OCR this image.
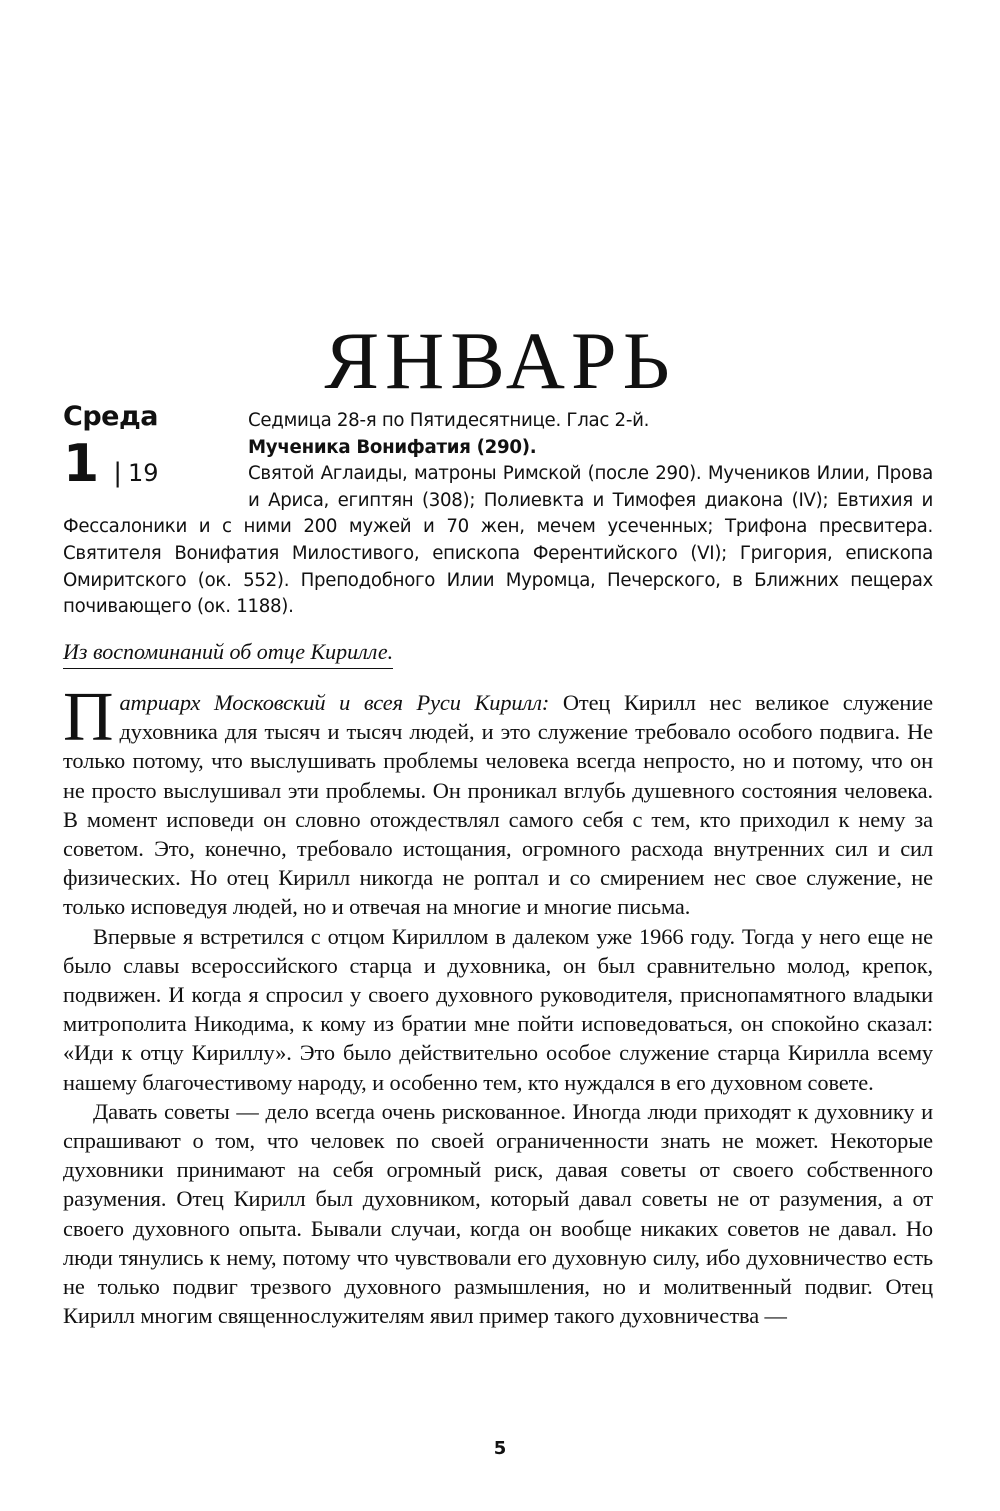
ЯНВАРЬ
Среда
1 | 19

Седмица 28-я по Пятидесятнице. Глас 2-й.

Мученика Вонифатия (290).

Святой Аглаиды, матроны Римской (после 290). Мучеников Илии, Прова и Ариса, египтян (308); Полиевкта и Тимофея диакона (IV); Евтихия и Фессалоники и с ними 200 мужей и 70 жен, мечем усеченных; Трифона пресвитера. Святителя Вонифатия Милостивого, епископа Ферентийского (VI); Григория, епископа Омиритского (ок. 552). Преподобного Илии Муромца, Печерского, в Ближних пещерах почивающего (ок. 1188).

Из воспоминаний об отце Кирилле.

Патриарх Московский и всея Руси Кирилл: Отец Кирилл нес великое служение духовника для тысяч и тысяч людей, и это служение требовало особого подвига. Не только потому, что выслушивать проблемы человека всегда непросто, но и потому, что он не просто выслушивал эти проблемы. Он проникал вглубь душевного состояния человека. В момент исповеди он словно отождествлял самого себя с тем, кто приходил к нему за советом. Это, конечно, требовало истощания, огромного расхода внутренних сил и сил физических. Но отец Кирилл никогда не роптал и со смирением нес свое служение, не только исповедуя людей, но и отвечая на многие и многие письма.

Впервые я встретился с отцом Кириллом в далеком уже 1966 году. Тогда у него еще не было славы всероссийского старца и духовника, он был сравнительно молод, крепок, подвижен. И когда я спросил у своего духовного руководителя, приснопамятного владыки митрополита Никодима, к кому из братии мне пойти исповедоваться, он спокойно сказал: «Иди к отцу Кириллу». Это было действительно особое служение старца Кирилла всему нашему благочестивому народу, и особенно тем, кто нуждался в его духовном совете.

Давать советы — дело всегда очень рискованное. Иногда люди приходят к духовнику и спрашивают о том, что человек по своей ограниченности знать не может. Некоторые духовники принимают на себя огромный риск, давая советы от своего собственного разумения. Отец Кирилл был духовником, который давал советы не от разумения, а от своего духовного опыта. Бывали случаи, когда он вообще никаких советов не давал. Но люди тянулись к нему, потому что чувствовали его духовную силу, ибо духовничество есть не только подвиг трезвого духовного размышления, но и молитвенный подвиг. Отец Кирилл многим священнослужителям явил пример такого духовничества —

5
